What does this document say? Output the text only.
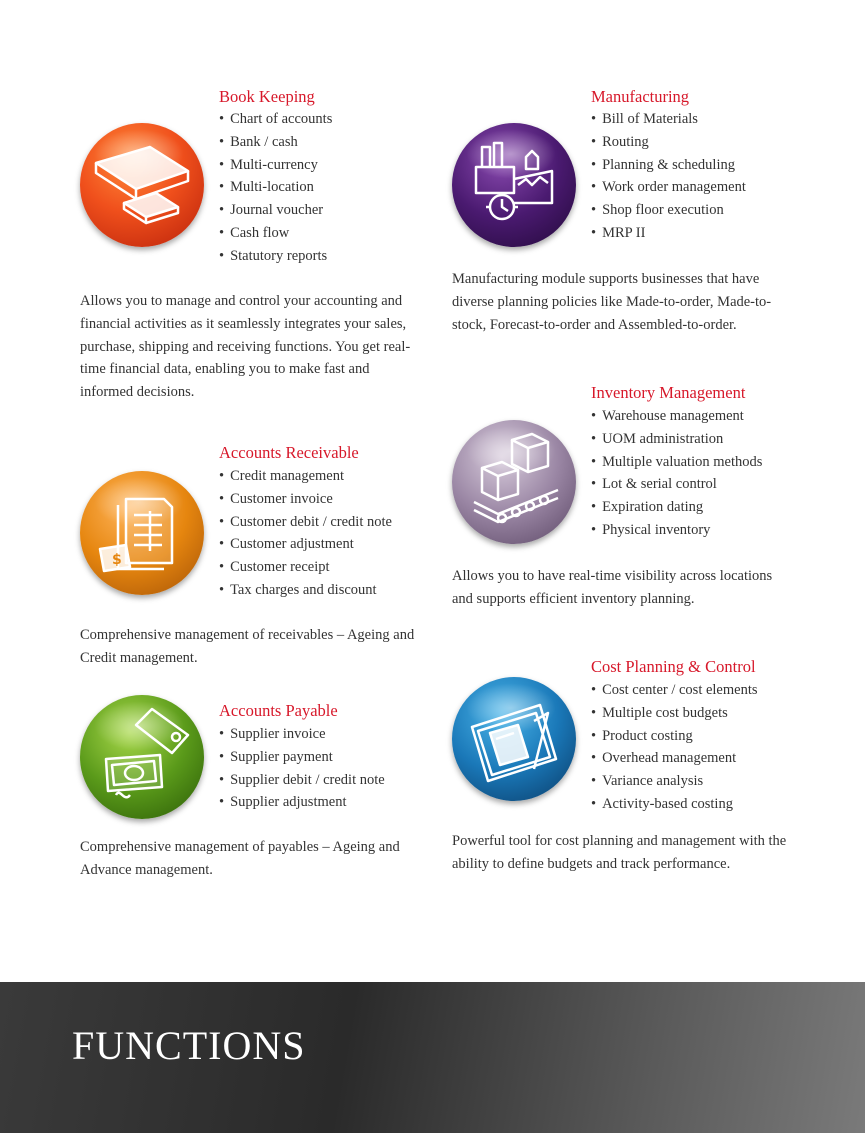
Book Keeping
• Chart of accounts
• Bank / cash
• Multi-currency
• Multi-location
• Journal voucher
• Cash flow
• Statutory reports

Allows you to manage and control your accounting and financial activities as it seamlessly integrates your sales, purchase, shipping and receiving functions. You get real-time financial data, enabling you to make fast and informed decisions.

Manufacturing
• Bill of Materials
• Routing
• Planning & scheduling
• Work order management
• Shop floor execution
• MRP II

Manufacturing module supports businesses that have diverse planning policies like Made-to-order, Made-to-stock, Forecast-to-order and Assembled-to-order.

$
Accounts Receivable
• Credit management
• Customer invoice
• Customer debit / credit note
• Customer adjustment
• Customer receipt
• Tax charges and discount

Comprehensive management of receivables – Ageing and Credit management.

Inventory Management
• Warehouse management
• UOM administration
• Multiple valuation methods
• Lot & serial control
• Expiration dating
• Physical inventory

Allows you to have real-time visibility across locations and supports efficient inventory planning.

Accounts Payable
• Supplier invoice
• Supplier payment
• Supplier debit / credit note
• Supplier adjustment

Comprehensive management of payables – Ageing and Advance management.

Cost Planning & Control
• Cost center / cost elements
• Multiple cost budgets
• Product costing
• Overhead management
• Variance analysis
• Activity-based costing

Powerful tool for cost planning and management with the ability to define budgets and track performance.

FUNCTIONS
